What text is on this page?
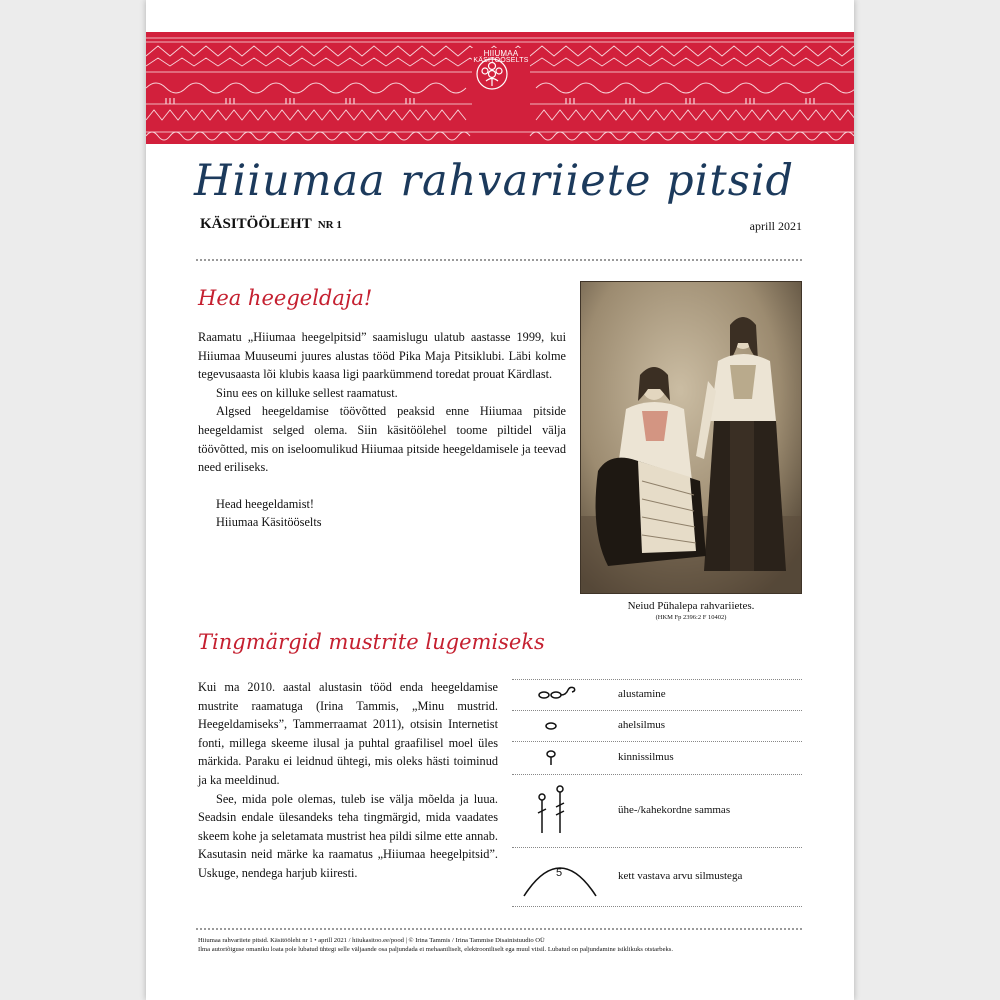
HIIUMAA
KÄSITÖÖSELTS
Hiiumaa rahvariiete pitsid
KÄSITÖÖLEHT NR 1	aprill 2021
Hea heegeldaja!

Raamatu „Hiiumaa heegelpitsid” saamislugu ulatub aastasse 1999, kui Hiiumaa Muuseumi juures alustas tööd Pika Maja Pitsiklubi. Läbi kolme tegevusaasta lõi klubis kaasa ligi paarkümmend toredat prouat Kärdlast.

Sinu ees on killuke sellest raamatust.

Algsed heegeldamise töövõtted peaksid enne Hiiumaa pitside heegeldamist selged olema. Siin käsitöölehel toome piltidel välja töövõtted, mis on iseloomulikud Hiiumaa pitside heegeldamisele ja teevad need eriliseks.

Head heegeldamist!

Hiiumaa Käsitööselts

Neiud Pühalepa rahvariietes.
(HKM Fp 2396:2 F 10402)
Tingmärgid mustrite lugemiseks

Kui ma 2010. aastal alustasin tööd enda heegeldamise mustrite raamatuga (Irina Tammis, „Minu mustrid. Heegeldamiseks”, Tammerraamat 2011), otsisin Internetist fonti, millega skeeme ilusal ja puhtal graafilisel moel üles märkida. Paraku ei leidnud ühtegi, mis oleks hästi toiminud ja ka meeldinud.

See, mida pole olemas, tuleb ise välja mõelda ja luua. Seadsin endale ülesandeks teha tingmärgid, mida vaadates skeem kohe ja seletamata mustrist hea pildi silme ette annab. Kasutasin neid märke ka raamatus „Hiiumaa heegelpitsid”. Uskuge, nendega harjub kiiresti.

alustamine
ahelsilmus
kinnissilmus
ühe-/kahekordne sammas
5	kett vastava arvu silmustega
Hiiumaa rahvariiete pitsid. Käsitööleht nr 1 • aprill 2021 / hiiukasitoo.ee/pood | © Irina Tammis / Irina Tammise Disainistuudio OÜ
Ilma autoriõiguse omaniku loata pole lubatud ühtegi selle väljaande osa paljundada ei mehaaniliselt, elektrooniliselt ega muul viisil. Lubatud on paljundamine isiklikuks otstarbeks.
